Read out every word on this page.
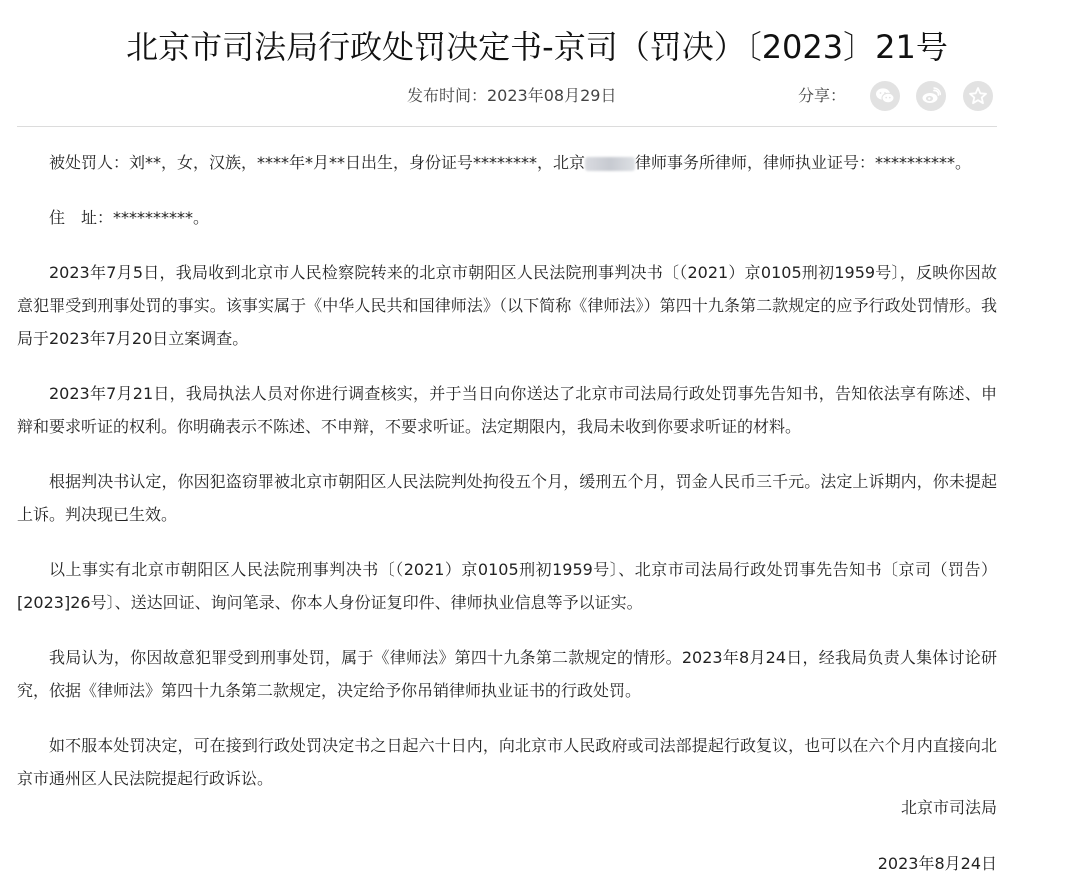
北京市司法局行政处罚决定书-京司（罚决）〔2023〕21号
发布时间：2023年08月29日	分享：

被处罚人：刘**，女，汉族，****年*月**日出生，身份证号********，北京	律师事务所律师，律师执业证号：**********。

住　址：**********。

2023年7月5日，我局收到北京市人民检察院转来的北京市朝阳区人民法院刑事判决书〔（2021）京0105刑初1959号〕，反映你因故意犯罪受到刑事处罚的事实。该事实属于《中华人民共和国律师法》（以下简称《律师法》）第四十九条第二款规定的应予行政处罚情形。我局于2023年7月20日立案调查。

2023年7月21日，我局执法人员对你进行调查核实，并于当日向你送达了北京市司法局行政处罚事先告知书，告知依法享有陈述、申辩和要求听证的权利。你明确表示不陈述、不申辩，不要求听证。法定期限内，我局未收到你要求听证的材料。

根据判决书认定，你因犯盗窃罪被北京市朝阳区人民法院判处拘役五个月，缓刑五个月，罚金人民币三千元。法定上诉期内，你未提起上诉。判决现已生效。

以上事实有北京市朝阳区人民法院刑事判决书〔（2021）京0105刑初1959号〕、北京市司法局行政处罚事先告知书〔京司（罚告）[2023]26号〕、送达回证、询问笔录、你本人身份证复印件、律师执业信息等予以证实。

我局认为，你因故意犯罪受到刑事处罚，属于《律师法》第四十九条第二款规定的情形。2023年8月24日，经我局负责人集体讨论研究，依据《律师法》第四十九条第二款规定，决定给予你吊销律师执业证书的行政处罚。

如不服本处罚决定，可在接到行政处罚决定书之日起六十日内，向北京市人民政府或司法部提起行政复议，也可以在六个月内直接向北京市通州区人民法院提起行政诉讼。

北京市司法局
2023年8月24日
